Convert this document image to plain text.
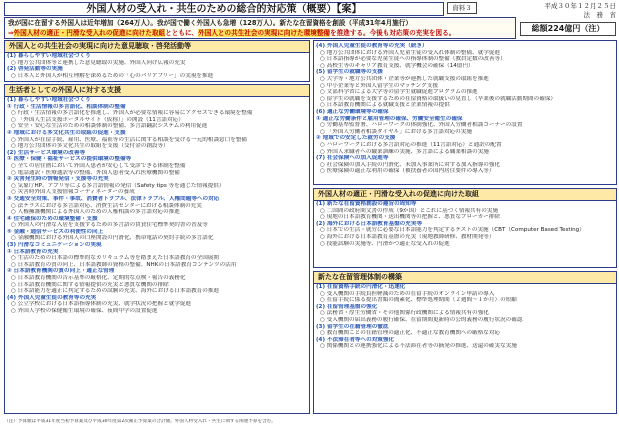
外国人材の受入れ・共生のための総合的対応策（概要）【案】	資料３	平成３０年１２月２５日
法　務　省
総額224億円（注）
我が国に在留する外国人は近年増加（264万人）。我が国で働く外国人も急増（128万人）。新たな在留資格を創設（平成31年4月施行）
⇒外国人材の適正・円滑な受入れの促進に向けた取組とともに、外国人との共生社会の実現に向けた環境整備を推進する。今後も対応策の充実を図る。
外国人との共生社会の実現に向けた意見聴取・啓発活動等
(1) 暮らしやすい地域社会づくり
○ 地方公共団体等と連携した意見聴取の実施、外国人向け広報の充実
(2) 啓発活動等の実施
○ 日本人と外国人が相互理解を深めるための「心のバリアフリー」の実現を推進
生活者としての外国人に対する支援
(1) 暮らしやすい地域社会づくり
① 行政・生活情報の多言語化、相談体制の整備
○ 行政・生活情報の多言語化を推進し、外国人が必要な情報に容易にアクセスできる環境を整備
○ 「外国人生活支援ポータルサイト（仮称）」の開設（11言語対応）
○ 安全・安心な生活のための相談体制の整備、多言語翻訳システムの利用促進
② 地域における多文化共生の取組の促進・支援
○ 外国人が在留手続、雇用、医療、福祉等の生活に関する相談を受ける一元的相談窓口を整備
○ 地方公共団体の多文化共生の取組を支援（交付金の創設等）
(2) 生活サービス環境の改善等
① 医療・保健・福祉サービスの提供環境の整備等
○ 全ての居住圏において外国人患者が安心して受診できる体制を整備
○ 電話通訳・医療通訳等の整備、外国人患者受入れ医療機関の整備
② 災害発生時の情報発信・支援等の充実
○ 気象庁HP、アプリ等による多言語情報の発信（Safety tips 等を通じた情報提供）
○ 災害時外国人支援情報コーディネーターの養成
③ 交通安全対策、事件・事故、消費者トラブル、法律トラブル、人権問題等への対応
○ 法テラスにおける多言語対応、消費生活センターにおける相談体制の充実
○ 人権擁護機関による外国人のための人権相談の多言語対応の推進
④ 住宅確保のための環境整備・支援
○ 外国人の円滑な入居を支援するための多言語の賃貸住宅標準契約書の普及等
⑤ 金融・通信サービスの利便性の向上
○ 金融機関における外国人の口座開設の円滑化、携帯電話の契約手続の多言語化
(3) 円滑なコミュニケーションの実現
① 日本語教育の充実
○ 生活のための日本語の標準的なカリキュラム等を踏まえた日本語教育の全国展開
○ 日本語教育の質の向上、日本語教師の資格の整備、NHKの日本語教育コンテンツの活用
② 日本語教育機関の質の向上・適正な管理
○ 日本語教育機関の告示基準の厳格化、定期的な点検・報告の義務化
○ 日本語教育機関に関する情報提供の充実と悪質な機関の排除
○ 日本語能力を適正に判定するための試験の充実、海外における日本語教育の推進
(4) 外国人児童生徒の教育等の充実
○ 公立学校における日本語指導体制の充実、就学状況の把握と就学促進
○ 外国人学校の保健衛生環境の確保、夜間中学の設置促進
(4) 外国人児童生徒の教育等の充実（続き）
○ 地方公共団体における外国人児童生徒の受入れ体制の整備、就学促進
○ 日本語指導が必要な児童生徒への指導体制の整備（教員定数の改善等）
○ 高校生等のキャリア教育支援、就学機会の確保（14億円）
(5) 留学生の就職等の支援
○ 大学等・地方公共団体・企業等が連携した就職支援の取組を推進
○ 中小企業等と外国人留学生のマッチング支援
○ 文部科学省による大学等の留学生就職促進プログラムの推進
○ 留学生の就職を支援するための在留資格の取扱いの見直し（卒業後の就職活動期間の確保）
○ 日本語教育機関による就職支援と企業情報の提供
(6) 適正な労働環境等の確保
① 適正な労働条件と雇用管理の確保、労働安全衛生の確保
○ 労働基準監督署、ハローワークの体制強化、外国人労働者相談コーナーの設置
○ 「外国人労働者相談ダイヤル」における多言語対応の実施
② 地域での安定した就労の支援
○ ハローワークにおける多言語対応の推進（11言語対応）と通訳の配置
○ 外国人求職者への職業訓練の実施、多言語による職業相談の実施
(7) 社会保険への加入促進等
○ 社会保険の加入手続の円滑化、未加入事業所に対する加入指導の強化
○ 医療保険の適正な利用の確保（被扶養者の国内居住要件の導入等）
外国人材の適正・円滑な受入れの促進に向けた取組
(1) 新たな在留資格創設の趣旨の周知等
○ 二国間の政府間文書の作成（9か国）とこれに基づく情報共有の実施
○ 現地の日本語教育機関・送出機関等の把握と、悪質なブローカー排除
(2) 海外における日本語教育基盤の充実等
○ 日本での生活・就労に必要な日本語能力を判定するテストの実施（CBT（Computer Based Testing）
○ 海外における日本語教育基盤の充実（現地教師研修、教材開発等）
○ 技能試験の実施等、円滑かつ適正な受入れの促進
新たな在留管理体制の構築
(1) 在留資格手続の円滑化・迅速化
○ 受入機関の手続負担軽減のための在留手続のオンライン申請の導入
○ 在留手続に係る提出書類の簡素化、標準処理期間（２週間～１か月）の短縮
(2) 在留管理基盤の強化
○ 法務省・厚生労働省・その他関係行政機関による情報共有の強化
○ 受入機関の届出義務の履行確保、在留期間更新時の公的義務の履行状況の確認
(3) 留学生の在籍管理の徹底
○ 教育機関ごとの在籍管理の適正化、不適正な教育機関への厳格な対応
(4) 不法滞在者等への対策強化
○ 関係機関との連携強化による不法滞在者等の摘発の推進、送還の確実な実施
（注）予算額は平成31年度当初予算案及び平成30年度第2次補正予算案の合計額。外国人材受入れ・共生に関する関連予算を含む。
